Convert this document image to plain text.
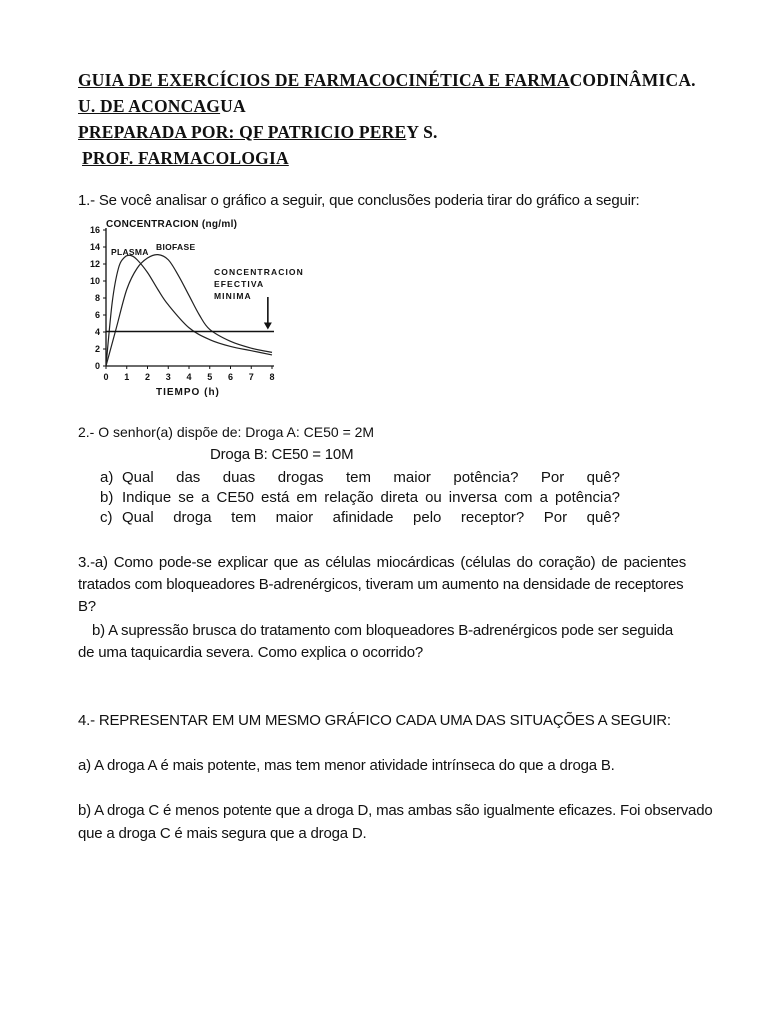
GUIA DE EXERCÍCIOS DE FARMACOCINÉTICA E FARMACODINÂMICA.
U. DE ACONCAGUA
PREPARADA POR: QF PATRICIO PEREY S.
PROF. FARMACOLOGIA
1.- Se você analisar o gráfico a seguir, que conclusões poderia tirar do gráfico a seguir:
CONCENTRACION (ng/ml)
TIEMPO (h)
0 1 2 3 4 5 6 7 8
0
2
4
6
8
10
12
14
16
PLASMA BIOFASE
CONCENTRACION
EFECTIVA
MINIMA
2.- O senhor(a) dispõe de: Droga A: CE50 = 2M
Droga B: CE50 = 10M
a) Qual das duas drogas tem maior potência? Por quê?
b) Indique se a CE50 está em relação direta ou inversa com a potência?
c) Qual droga tem maior afinidade pelo receptor? Por quê?
3.-a) Como pode-se explicar que as células miocárdicas (células do coração) de pacientes
tratados com bloqueadores B-adrenérgicos, tiveram um aumento na densidade de receptores
B?
b) A supressão brusca do tratamento com bloqueadores B-adrenérgicos pode ser seguida
de uma taquicardia severa. Como explica o ocorrido?
4.- REPRESENTAR EM UM MESMO GRÁFICO CADA UMA DAS SITUAÇÕES A SEGUIR:
a) A droga A é mais potente, mas tem menor atividade intrínseca do que a droga B.
b) A droga C é menos potente que a droga D, mas ambas são igualmente eficazes. Foi observado
que a droga C é mais segura que a droga D.
